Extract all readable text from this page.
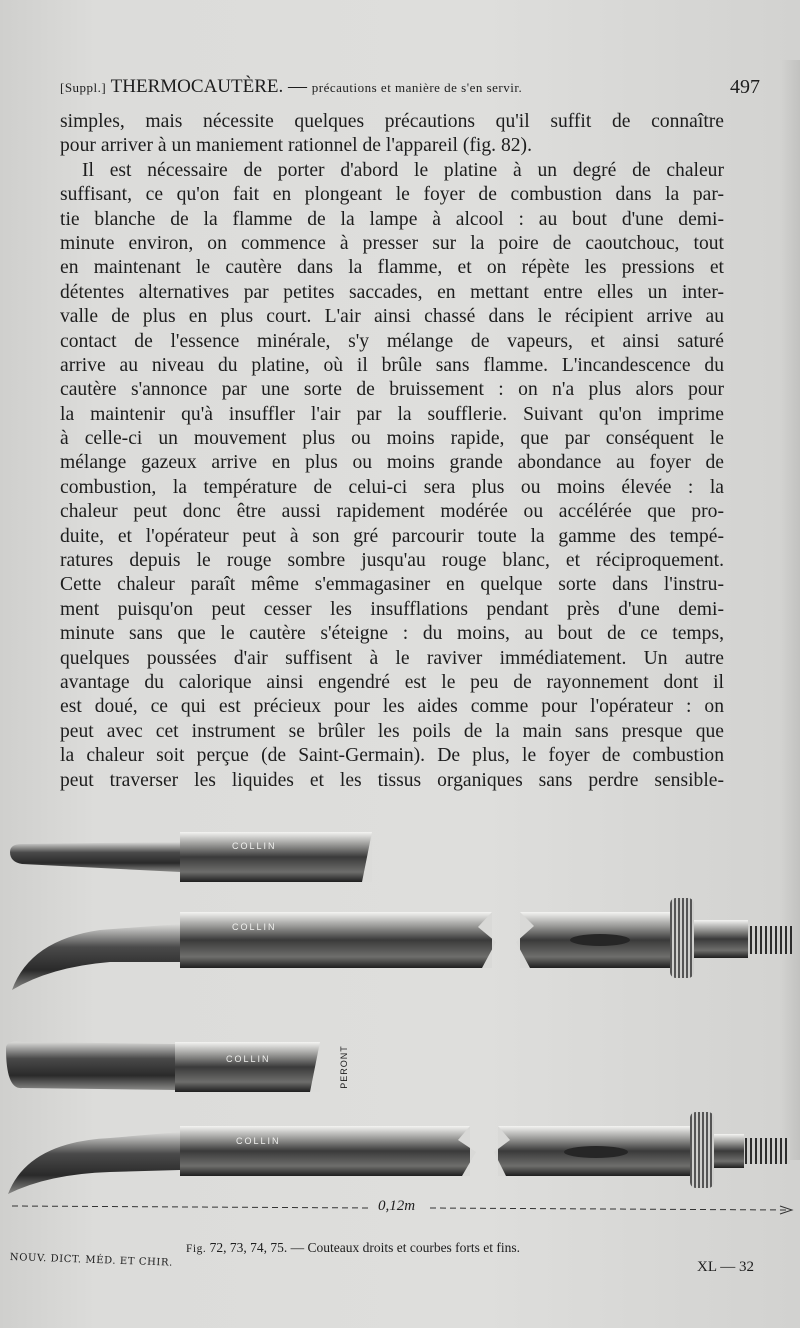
[Suppl.] THERMOCAUTÈRE. — précautions et manière de s'en servir.	497
simples, mais nécessite quelques précautions qu'il suffit de connaître
pour arriver à un maniement rationnel de l'appareil (fig. 82).
Il est nécessaire de porter d'abord le platine à un degré de chaleur
suffisant, ce qu'on fait en plongeant le foyer de combustion dans la par-
tie blanche de la flamme de la lampe à alcool : au bout d'une demi-
minute environ, on commence à presser sur la poire de caoutchouc, tout
en maintenant le cautère dans la flamme, et on répète les pressions et
détentes alternatives par petites saccades, en mettant entre elles un inter-
valle de plus en plus court. L'air ainsi chassé dans le récipient arrive au
contact de l'essence minérale, s'y mélange de vapeurs, et ainsi saturé
arrive au niveau du platine, où il brûle sans flamme. L'incandescence du
cautère s'annonce par une sorte de bruissement : on n'a plus alors pour
la maintenir qu'à insuffler l'air par la soufflerie. Suivant qu'on imprime
à celle-ci un mouvement plus ou moins rapide, que par conséquent le
mélange gazeux arrive en plus ou moins grande abondance au foyer de
combustion, la température de celui-ci sera plus ou moins élevée : la
chaleur peut donc être aussi rapidement modérée ou accélérée que pro-
duite, et l'opérateur peut à son gré parcourir toute la gamme des tempé-
ratures depuis le rouge sombre jusqu'au rouge blanc, et réciproquement.
Cette chaleur paraît même s'emmagasiner en quelque sorte dans l'instru-
ment puisqu'on peut cesser les insufflations pendant près d'une demi-
minute sans que le cautère s'éteigne : du moins, au bout de ce temps,
quelques poussées d'air suffisent à le raviver immédiatement. Un autre
avantage du calorique ainsi engendré est le peu de rayonnement dont il
est doué, ce qui est précieux pour les aides comme pour l'opérateur : on
peut avec cet instrument se brûler les poils de la main sans presque que
la chaleur soit perçue (de Saint-Germain). De plus, le foyer de combustion
peut traverser les liquides et les tissus organiques sans perdre sensible-
COLLIN
COLLIN
COLLIN
COLLIN
PERONT
0,12m
Fig. 72, 73, 74, 75. — Couteaux droits et courbes forts et fins.
NOUV. DICT. MÉD. ET CHIR.	XL — 32
